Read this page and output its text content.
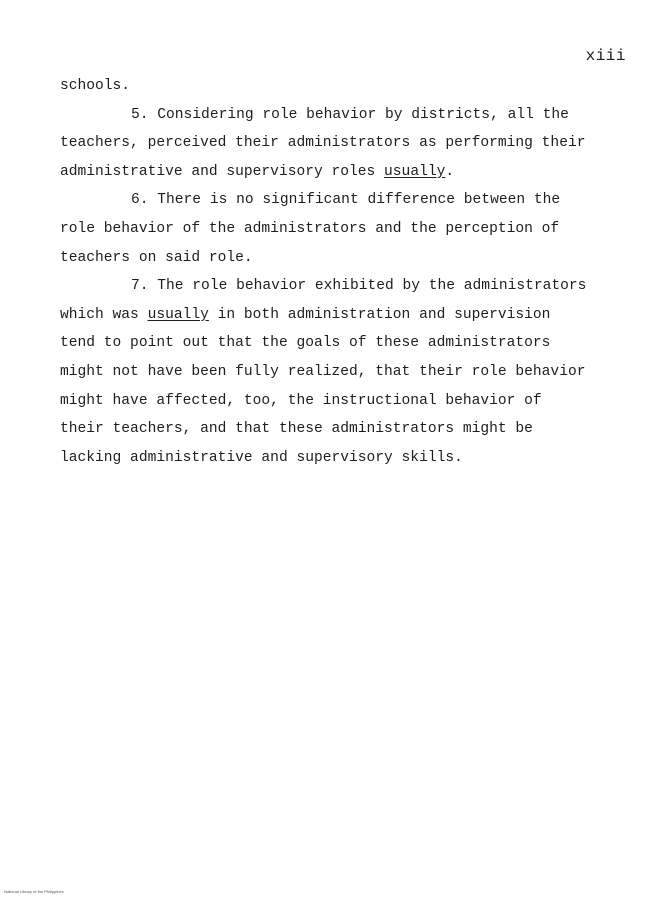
xiii
schools.
5. Considering role behavior by districts, all the
teachers, perceived their administrators as performing their
administrative and supervisory roles usually.
6. There is no significant difference between the
role behavior of the administrators and the perception of
teachers on said role.
7. The role behavior exhibited by the administrators
which was usually in both administration and supervision
tend to point out that the goals of these administrators
might not have been fully realized, that their role behavior
might have affected, too, the instructional behavior of
their teachers, and that these administrators might be
lacking administrative and supervisory skills.
National Library of the Philippines
